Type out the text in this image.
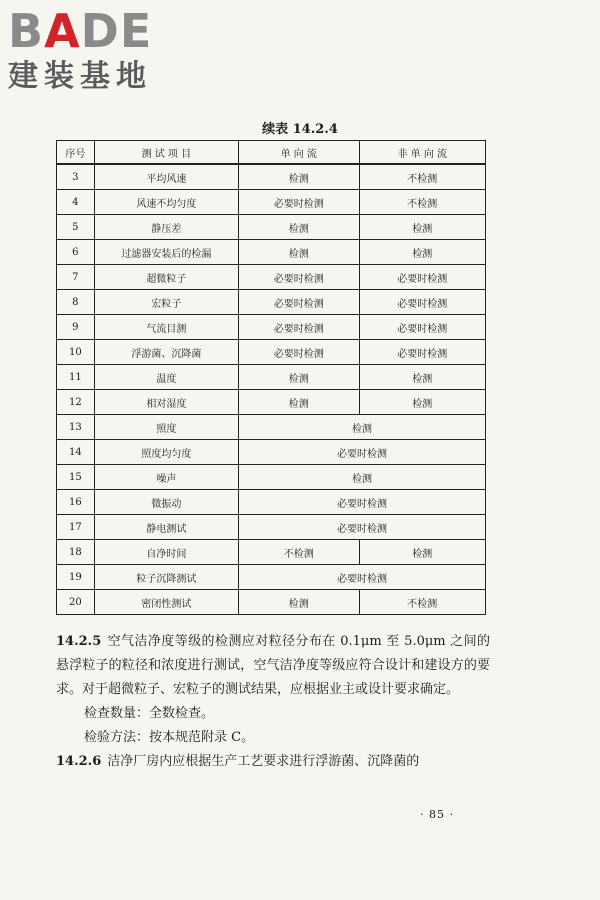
BADE
建装基地
续表 14.2.4
序号	测 试 项 目	单 向 流	非 单 向 流
3	平均风速	检测	不检测
4	风速不均匀度	必要时检测	不检测
5	静压差	检测	检测
6	过滤器安装后的检漏	检测	检测
7	超微粒子	必要时检测	必要时检测
8	宏粒子	必要时检测	必要时检测
9	气流目测	必要时检测	必要时检测
10	浮游菌、沉降菌	必要时检测	必要时检测
11	温度	检测	检测
12	相对湿度	检测	检测
13	照度	检测	
14	照度均匀度	必要时检测	
15	噪声	检测	
16	微振动	必要时检测	
17	静电测试	必要时检测	
18	自净时间	不检测	检测
19	粒子沉降测试	必要时检测	
20	密闭性测试	检测	不检测

14.2.5 空气洁净度等级的检测应对粒径分布在 0.1μm 至 5.0μm 之间的悬浮粒子的粒径和浓度进行测试，空气洁净度等级应符合设计和建设方的要求。对于超微粒子、宏粒子的测试结果，应根据业主或设计要求确定。

检查数量：全数检查。

检验方法：按本规范附录 C。

14.2.6 洁净厂房内应根据生产工艺要求进行浮游菌、沉降菌的

· 85 ·
